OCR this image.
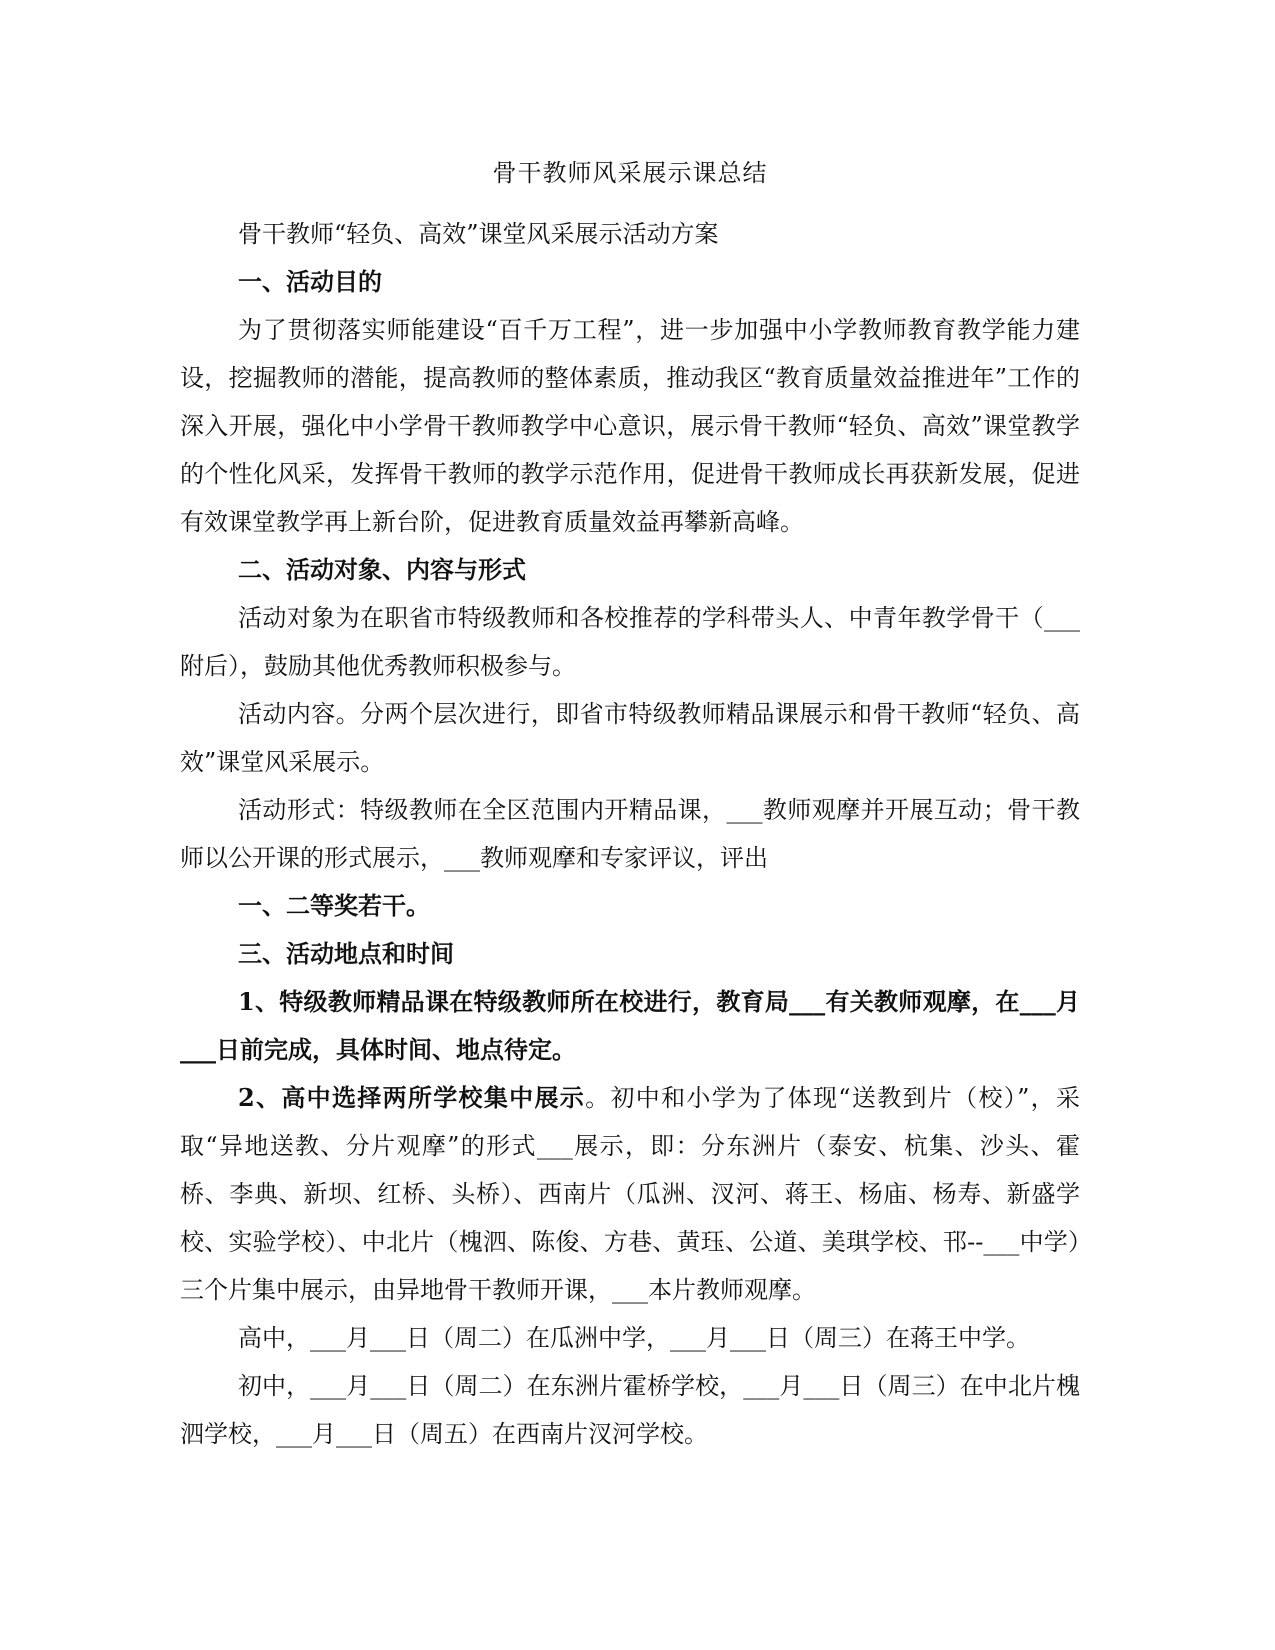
骨干教师风采展示课总结

骨干教师“轻负、高效”课堂风采展示活动方案

一、活动目的

为了贯彻落实师能建设“百千万工程”，进一步加强中小学教师教育教学能力建设，挖掘教师的潜能，提高教师的整体素质，推动我区“教育质量效益推进年”工作的深入开展，强化中小学骨干教师教学中心意识，展示骨干教师“轻负、高效”课堂教学的个性化风采，发挥骨干教师的教学示范作用，促进骨干教师成长再获新发展，促进有效课堂教学再上新台阶，促进教育质量效益再攀新高峰。

二、活动对象、内容与形式

活动对象为在职省市特级教师和各校推荐的学科带头人、中青年教学骨干（___附后），鼓励其他优秀教师积极参与。

活动内容。分两个层次进行，即省市特级教师精品课展示和骨干教师“轻负、高效”课堂风采展示。

活动形式：特级教师在全区范围内开精品课，___教师观摩并开展互动；骨干教师以公开课的形式展示，___教师观摩和专家评议，评出

一、二等奖若干。

三、活动地点和时间

1、特级教师精品课在特级教师所在校进行，教育局___有关教师观摩，在___月___日前完成，具体时间、地点待定。

2、高中选择两所学校集中展示。初中和小学为了体现“送教到片（校）”，采取“异地送教、分片观摩”的形式___展示，即：分东洲片（泰安、杭集、沙头、霍桥、李典、新坝、红桥、头桥）、西南片（瓜洲、汊河、蒋王、杨庙、杨寿、新盛学校、实验学校）、中北片（槐泗、陈俊、方巷、黄珏、公道、美琪学校、邗--___中学）三个片集中展示，由异地骨干教师开课，___本片教师观摩。

高中，___月___日（周二）在瓜洲中学，___月___日（周三）在蒋王中学。

初中，___月___日（周二）在东洲片霍桥学校，___月___日（周三）在中北片槐泗学校，___月___日（周五）在西南片汊河学校。
